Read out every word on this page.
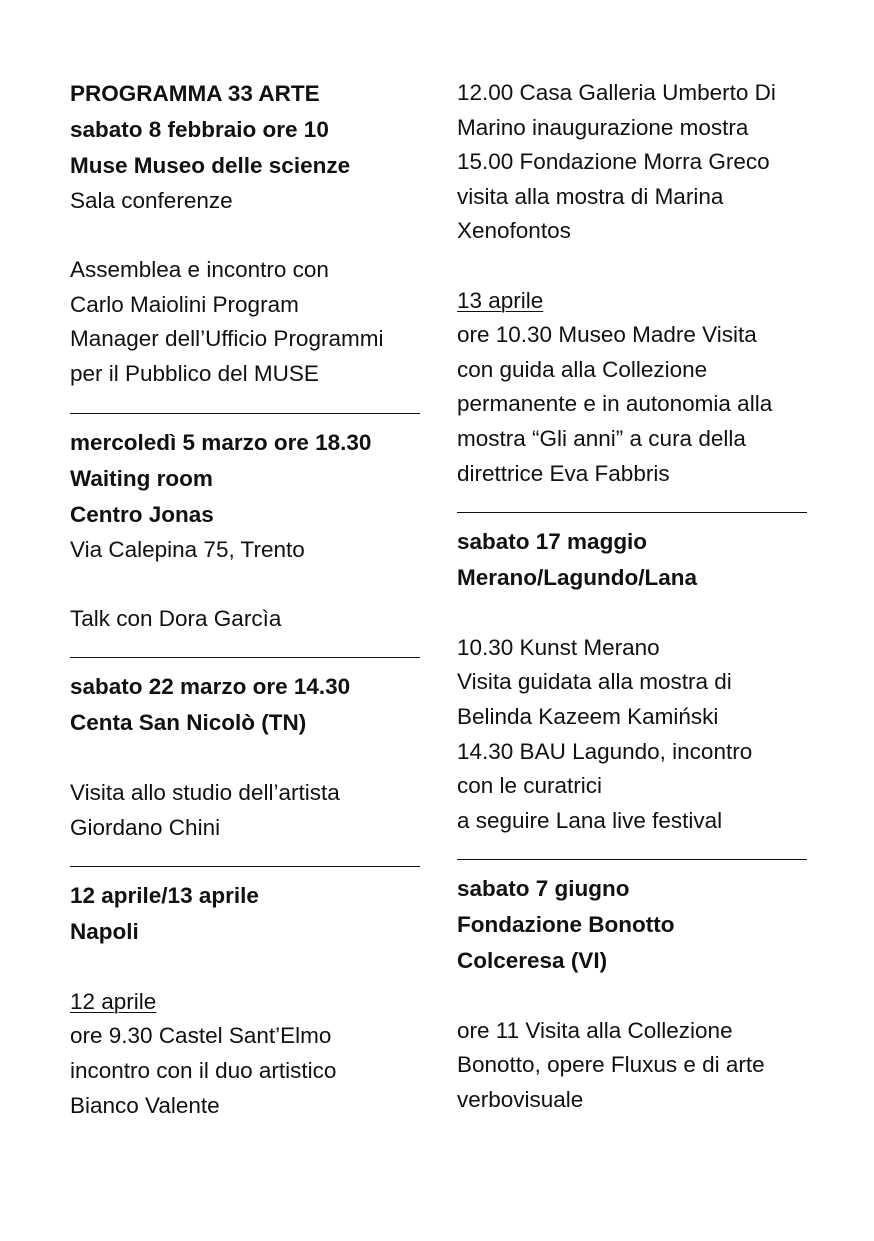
PROGRAMMA 33 ARTE
sabato 8 febbraio ore 10
Muse Museo delle scienze
Sala conferenze
Assemblea e incontro con
Carlo Maiolini Program
Manager dell’Ufficio Programmi
per il Pubblico del MUSE
mercoledì 5 marzo ore 18.30
Waiting room
Centro Jonas
Via Calepina 75, Trento
Talk con Dora Garcìa
sabato 22 marzo ore 14.30
Centa San Nicolò (TN)
Visita allo studio dell’artista
Giordano Chini
12 aprile/13 aprile
Napoli
12 aprile
ore 9.30 Castel Sant’Elmo
incontro con il duo artistico
Bianco Valente
12.00 Casa Galleria Umberto Di
Marino inaugurazione mostra
15.00 Fondazione Morra Greco
visita alla mostra di Marina
Xenofontos
13 aprile
ore 10.30 Museo Madre Visita
con guida alla Collezione
permanente e in autonomia alla
mostra “Gli anni” a cura della
direttrice Eva Fabbris
sabato 17 maggio
Merano/Lagundo/Lana
10.30 Kunst Merano
Visita guidata alla mostra di
Belinda Kazeem Kamiński
14.30 BAU Lagundo, incontro
con le curatrici
a seguire Lana live festival
sabato 7 giugno
Fondazione Bonotto
Colceresa (VI)
ore 11 Visita alla Collezione
Bonotto, opere Fluxus e di arte
verbovisuale
